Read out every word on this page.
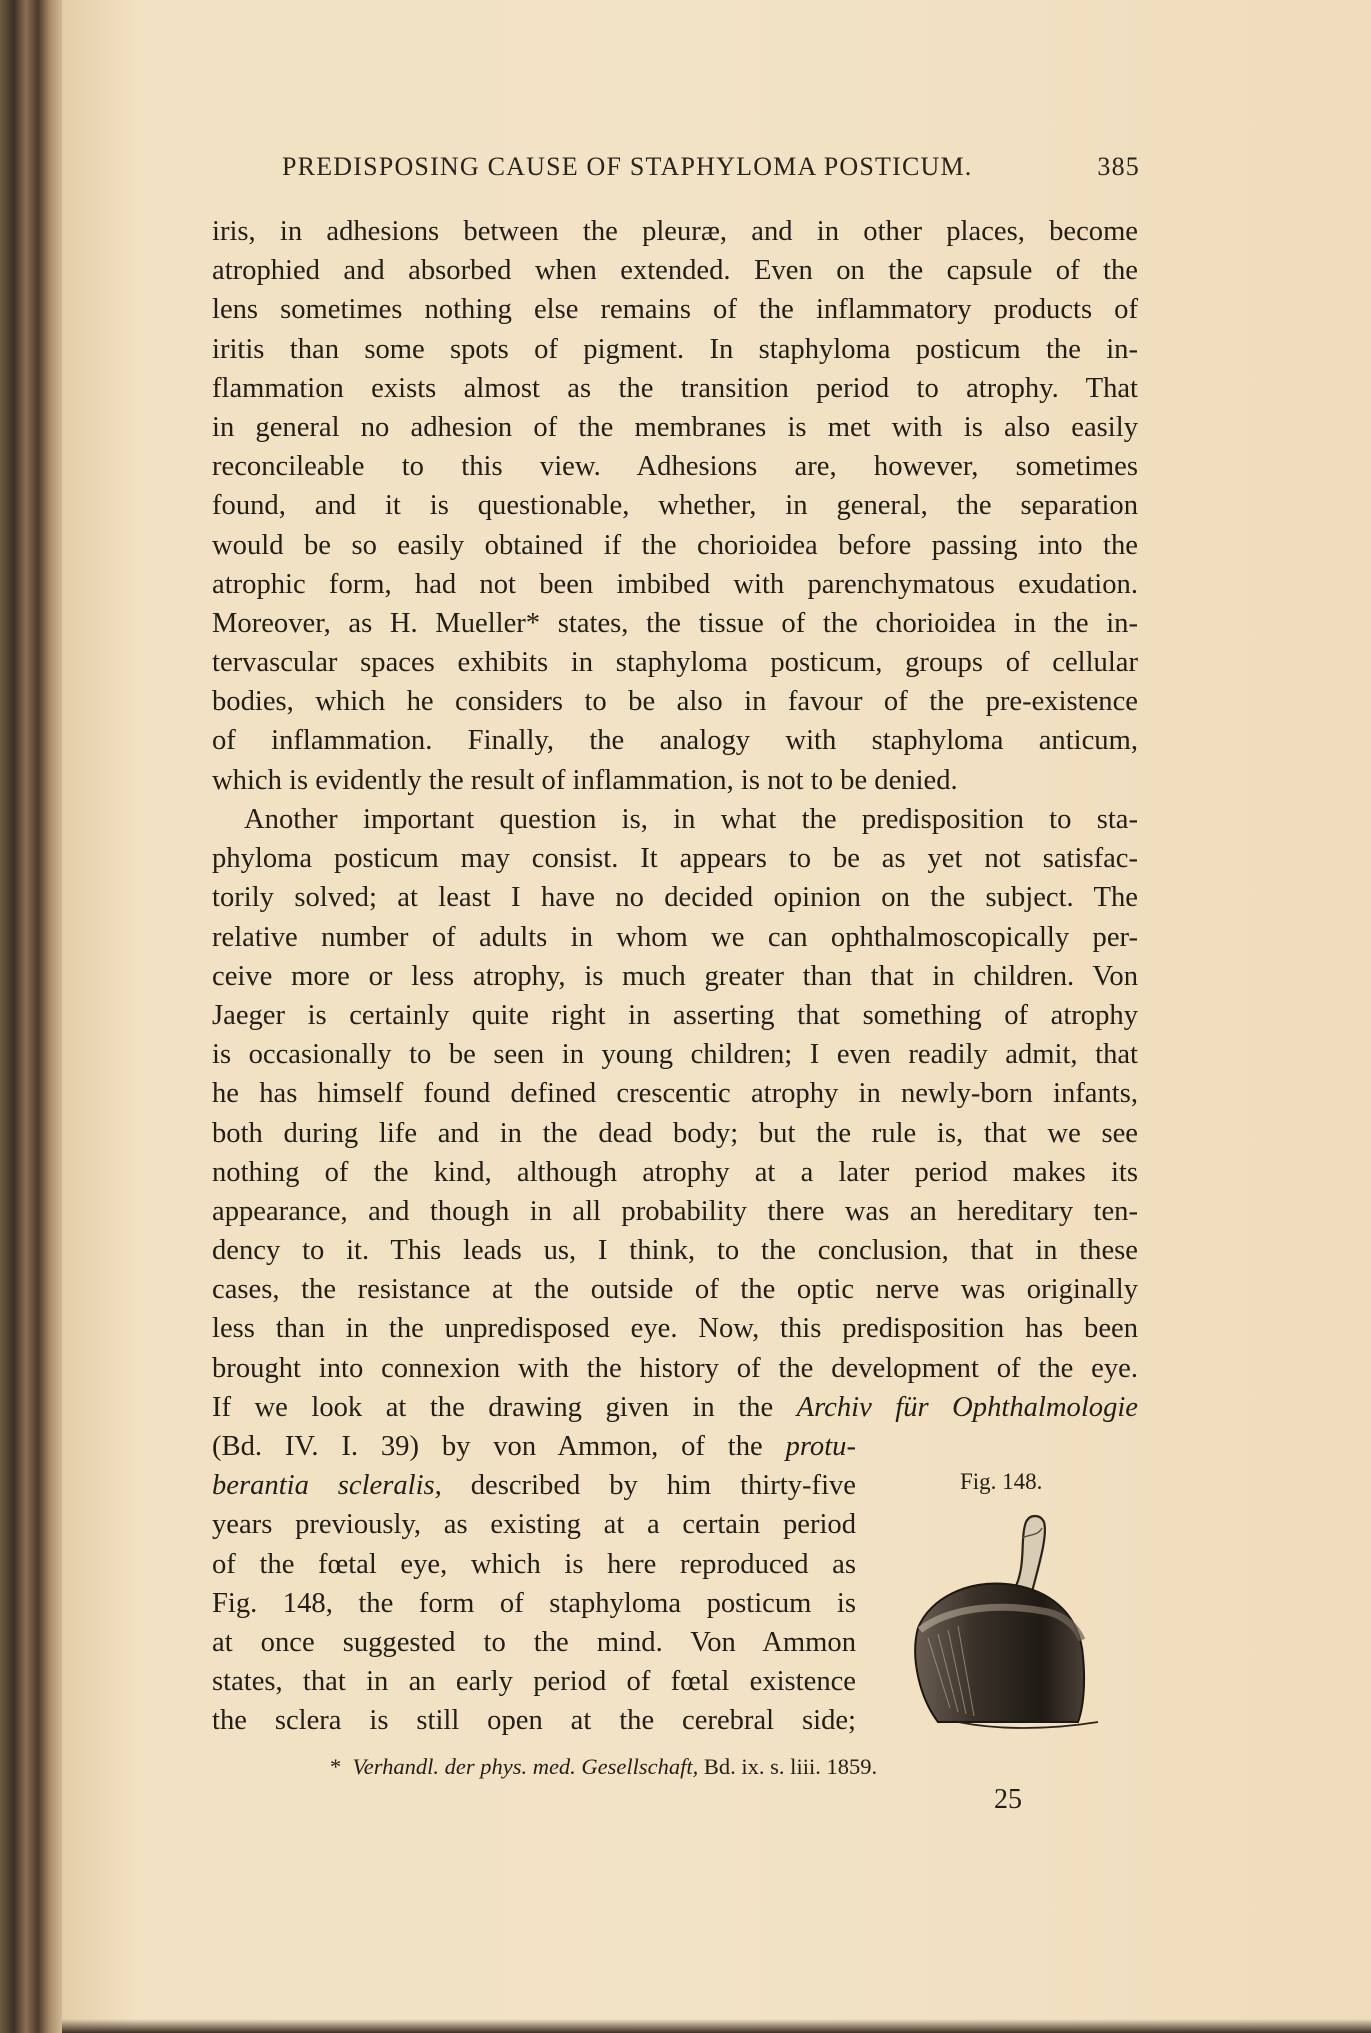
PREDISPOSING CAUSE OF STAPHYLOMA POSTICUM.	385
iris, in adhesions between the pleuræ, and in other places, become
atrophied and absorbed when extended. Even on the capsule of the
lens sometimes nothing else remains of the inflammatory products of
iritis than some spots of pigment. In staphyloma posticum the in-
flammation exists almost as the transition period to atrophy. That
in general no adhesion of the membranes is met with is also easily
reconcileable to this view. Adhesions are, however, sometimes
found, and it is questionable, whether, in general, the separation
would be so easily obtained if the chorioidea before passing into the
atrophic form, had not been imbibed with parenchymatous exudation.
Moreover, as H. Mueller* states, the tissue of the chorioidea in the in-
tervascular spaces exhibits in staphyloma posticum, groups of cellular
bodies, which he considers to be also in favour of the pre-existence
of inflammation. Finally, the analogy with staphyloma anticum,
which is evidently the result of inflammation, is not to be denied.
Another important question is, in what the predisposition to sta-
phyloma posticum may consist. It appears to be as yet not satisfac-
torily solved; at least I have no decided opinion on the subject. The
relative number of adults in whom we can ophthalmoscopically per-
ceive more or less atrophy, is much greater than that in children. Von
Jaeger is certainly quite right in asserting that something of atrophy
is occasionally to be seen in young children; I even readily admit, that
he has himself found defined crescentic atrophy in newly-born infants,
both during life and in the dead body; but the rule is, that we see
nothing of the kind, although atrophy at a later period makes its
appearance, and though in all probability there was an hereditary ten-
dency to it. This leads us, I think, to the conclusion, that in these
cases, the resistance at the outside of the optic nerve was originally
less than in the unpredisposed eye. Now, this predisposition has been
brought into connexion with the history of the development of the eye.
If we look at the drawing given in the Archiv für Ophthalmologie
(Bd. IV. I. 39) by von Ammon, of the protu-
berantia scleralis, described by him thirty-five
years previously, as existing at a certain period
of the fœtal eye, which is here reproduced as
Fig. 148, the form of staphyloma posticum is
at once suggested to the mind. Von Ammon
states, that in an early period of fœtal existence
the sclera is still open at the cerebral side;
Fig. 148.
* Verhandl. der phys. med. Gesellschaft, Bd. ix. s. liii. 1859.
25
